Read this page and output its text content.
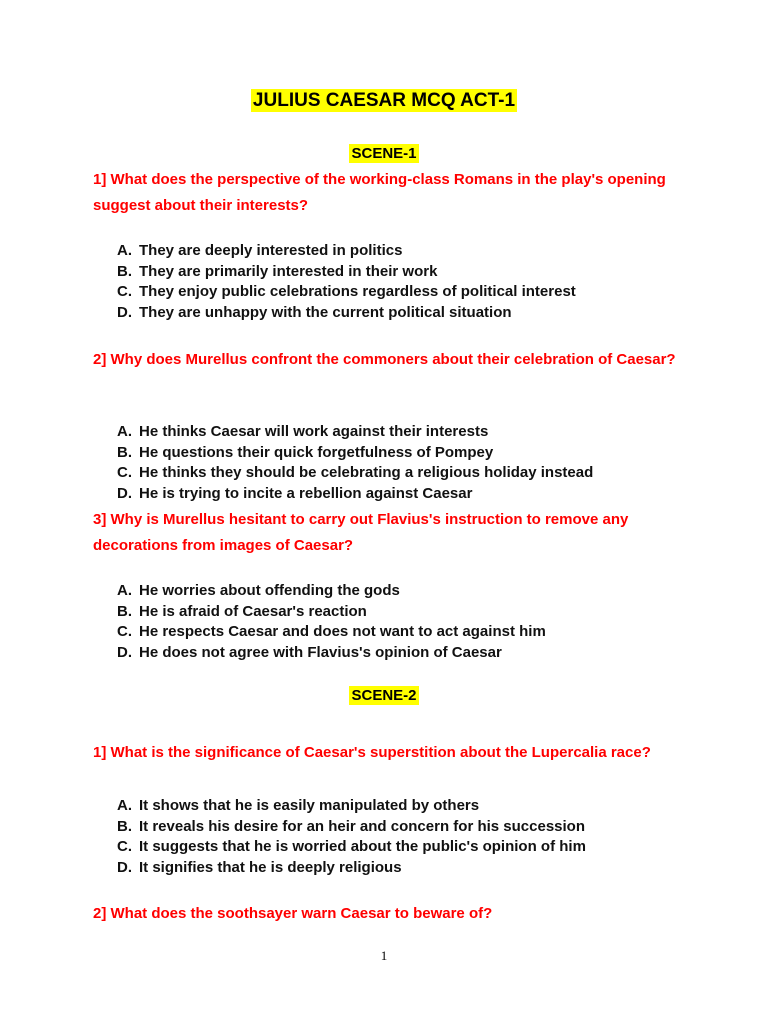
JULIUS CAESAR MCQ ACT-1
SCENE-1
1] What does the perspective of the working-class Romans in the play's opening suggest about their interests?
A. They are deeply interested in politics
B. They are primarily interested in their work
C. They enjoy public celebrations regardless of political interest
D. They are unhappy with the current political situation
2] Why does Murellus confront the commoners about their celebration of Caesar?
A. He thinks Caesar will work against their interests
B. He questions their quick forgetfulness of Pompey
C. He thinks they should be celebrating a religious holiday instead
D. He is trying to incite a rebellion against Caesar
3] Why is Murellus hesitant to carry out Flavius's instruction to remove any decorations from images of Caesar?
A. He worries about offending the gods
B. He is afraid of Caesar's reaction
C. He respects Caesar and does not want to act against him
D. He does not agree with Flavius's opinion of Caesar
SCENE-2
1] What is the significance of Caesar's superstition about the Lupercalia race?
A. It shows that he is easily manipulated by others
B. It reveals his desire for an heir and concern for his succession
C. It suggests that he is worried about the public's opinion of him
D. It signifies that he is deeply religious
2] What does the soothsayer warn Caesar to beware of?
1
